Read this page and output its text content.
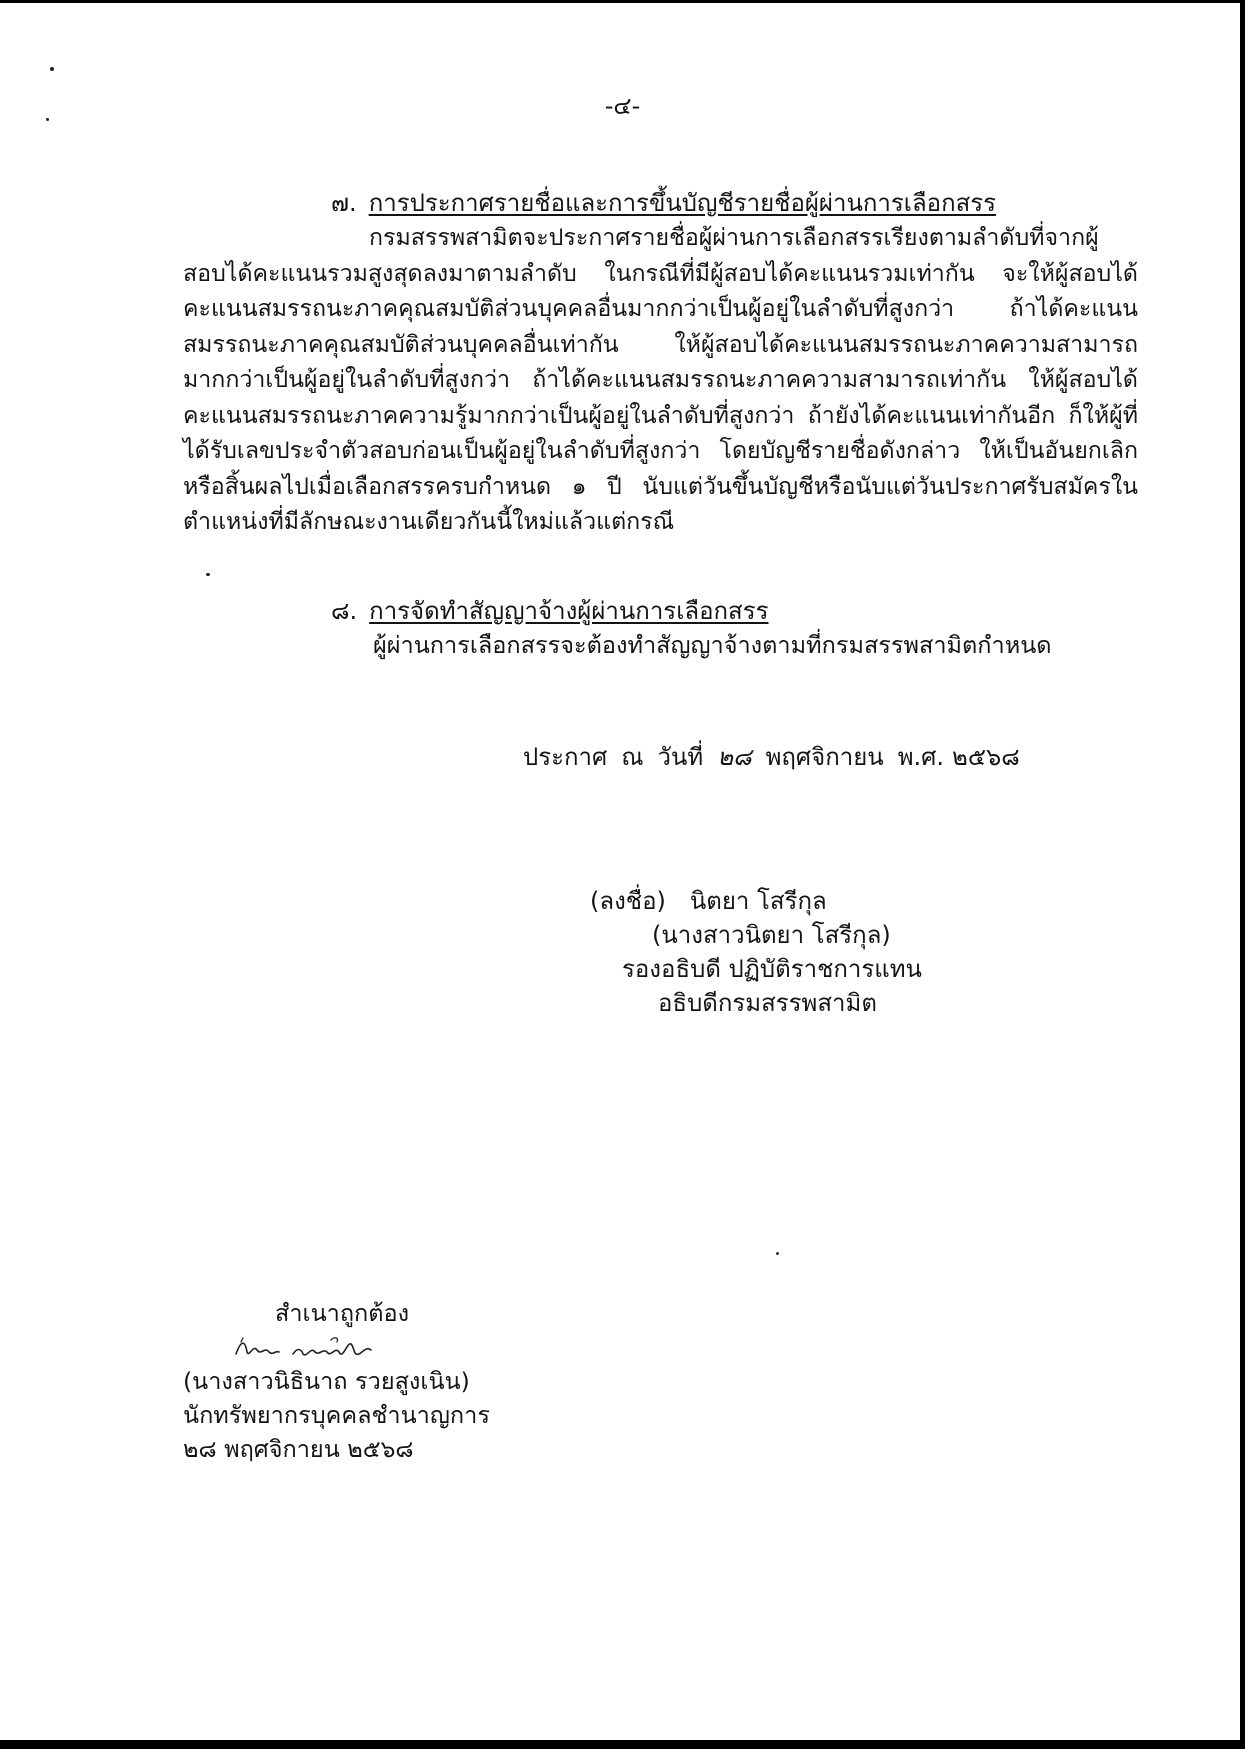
-๔-
๗. การประกาศรายชื่อและการขึ้นบัญชีรายชื่อผู้ผ่านการเลือกสรร

กรมสรรพสามิตจะประกาศรายชื่อผู้ผ่านการเลือกสรรเรียงตามลำดับที่จากผู้สอบได้คะแนนรวมสูงสุดลงมาตามลำดับ ในกรณีที่มีผู้สอบได้คะแนนรวมเท่ากัน จะให้ผู้สอบได้คะแนนสมรรถนะภาคคุณสมบัติส่วนบุคคลอื่นมากกว่าเป็นผู้อยู่ในลำดับที่สูงกว่า ถ้าได้คะแนนสมรรถนะภาคคุณสมบัติส่วนบุคคลอื่นเท่ากัน ให้ผู้สอบได้คะแนนสมรรถนะภาคความสามารถมากกว่าเป็นผู้อยู่ในลำดับที่สูงกว่า ถ้าได้คะแนนสมรรถนะภาคความสามารถเท่ากัน ให้ผู้สอบได้คะแนนสมรรถนะภาคความรู้มากกว่าเป็นผู้อยู่ในลำดับที่สูงกว่า ถ้ายังได้คะแนนเท่ากันอีก ก็ให้ผู้ที่ได้รับเลขประจำตัวสอบก่อนเป็นผู้อยู่ในลำดับที่สูงกว่า โดยบัญชีรายชื่อดังกล่าว ให้เป็นอันยกเลิกหรือสิ้นผลไปเมื่อเลือกสรรครบกำหนด ๑ ปี นับแต่วันขึ้นบัญชีหรือนับแต่วันประกาศรับสมัครในตำแหน่งที่มีลักษณะงานเดียวกันนี้ใหม่แล้วแต่กรณี

๘. การจัดทำสัญญาจ้างผู้ผ่านการเลือกสรร
ผู้ผ่านการเลือกสรรจะต้องทำสัญญาจ้างตามที่กรมสรรพสามิตกำหนด
ประกาศ ณ วันที่ ๒๘ พฤศจิกายน พ.ศ. ๒๕๖๘
(ลงชื่อ) นิตยา โสรีกุล
(นางสาวนิตยา โสรีกุล)
รองอธิบดี ปฏิบัติราชการแทน
อธิบดีกรมสรรพสามิต
สำเนาถูกต้อง
(นางสาวนิธินาถ รวยสูงเนิน)
นักทรัพยากรบุคคลชำนาญการ
๒๘ พฤศจิกายน ๒๕๖๘
